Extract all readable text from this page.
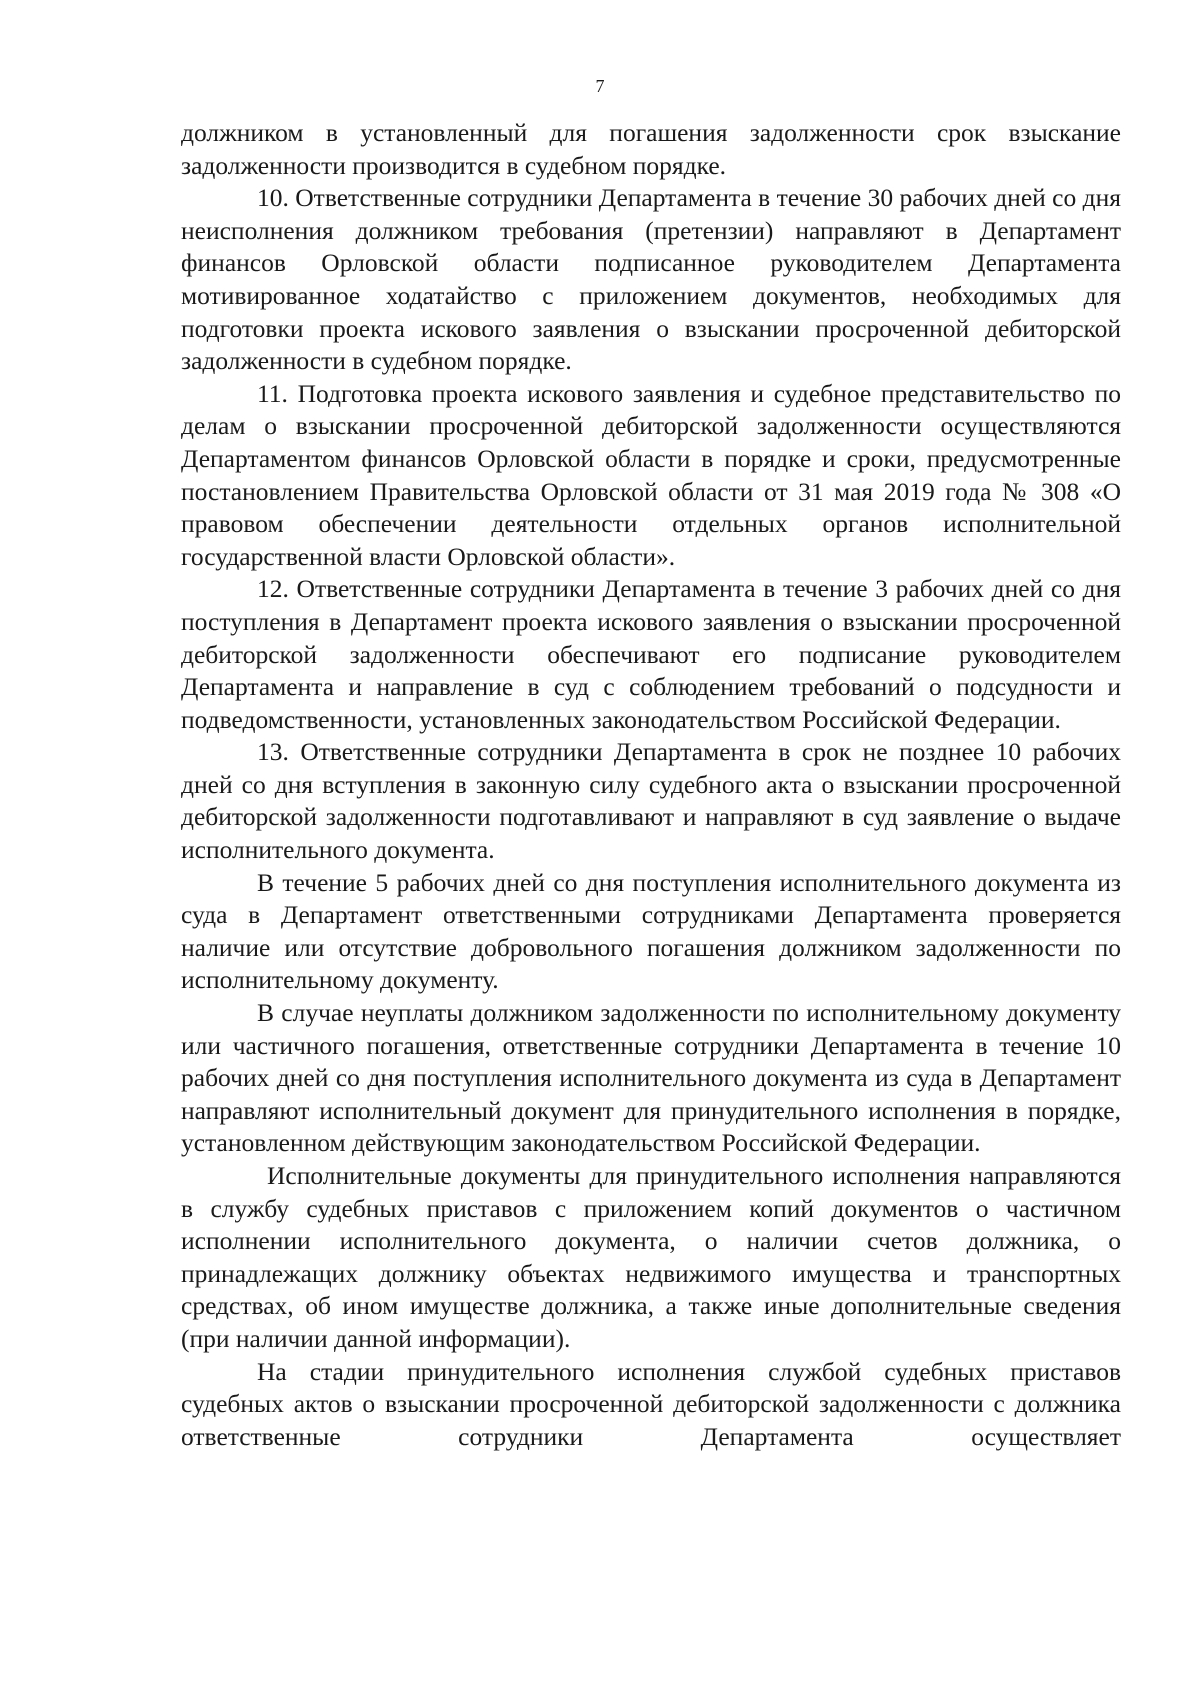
7

должником в установленный для погашения задолженности срок взыскание задолженности производится в судебном порядке.

10. Ответственные сотрудники Департамента в течение 30 рабочих дней со дня неисполнения должником требования (претензии) направляют в Департамент финансов Орловской области подписанное руководителем Департамента мотивированное ходатайство с приложением документов, необходимых для подготовки проекта искового заявления о взыскании просроченной дебиторской задолженности в судебном порядке.

11. Подготовка проекта искового заявления и судебное представительство по делам о взыскании просроченной дебиторской задолженности осуществляются Департаментом финансов Орловской области в порядке и сроки, предусмотренные постановлением Правительства Орловской области от 31 мая 2019 года № 308 «О правовом обеспечении деятельности отдельных органов исполнительной государственной власти Орловской области».

12. Ответственные сотрудники Департамента в течение 3 рабочих дней со дня поступления в Департамент проекта искового заявления о взыскании просроченной дебиторской задолженности обеспечивают его подписание руководителем Департамента и направление в суд с соблюдением требований о подсудности и подведомственности, установленных законодательством Российской Федерации.

13. Ответственные сотрудники Департамента в срок не позднее 10 рабочих дней со дня вступления в законную силу судебного акта о взыскании просроченной дебиторской задолженности подготавливают и направляют в суд заявление о выдаче исполнительного документа.

В течение 5 рабочих дней со дня поступления исполнительного документа из суда в Департамент ответственными сотрудниками Департамента проверяется наличие или отсутствие добровольного погашения должником задолженности по исполнительному документу.

В случае неуплаты должником задолженности по исполнительному документу или частичного погашения, ответственные сотрудники Департамента в течение 10 рабочих дней со дня поступления исполнительного документа из суда в Департамент направляют исполнительный документ для принудительного исполнения в порядке, установленном действующим законодательством Российской Федерации.

Исполнительные документы для принудительного исполнения направляются в службу судебных приставов с приложением копий документов о частичном исполнении исполнительного документа, о наличии счетов должника, о принадлежащих должнику объектах недвижимого имущества и транспортных средствах, об ином имуществе должника, а также иные дополнительные сведения (при наличии данной информации).

На стадии принудительного исполнения службой судебных приставов судебных актов о взыскании просроченной дебиторской задолженности с должника ответственные сотрудники Департамента осуществляет
